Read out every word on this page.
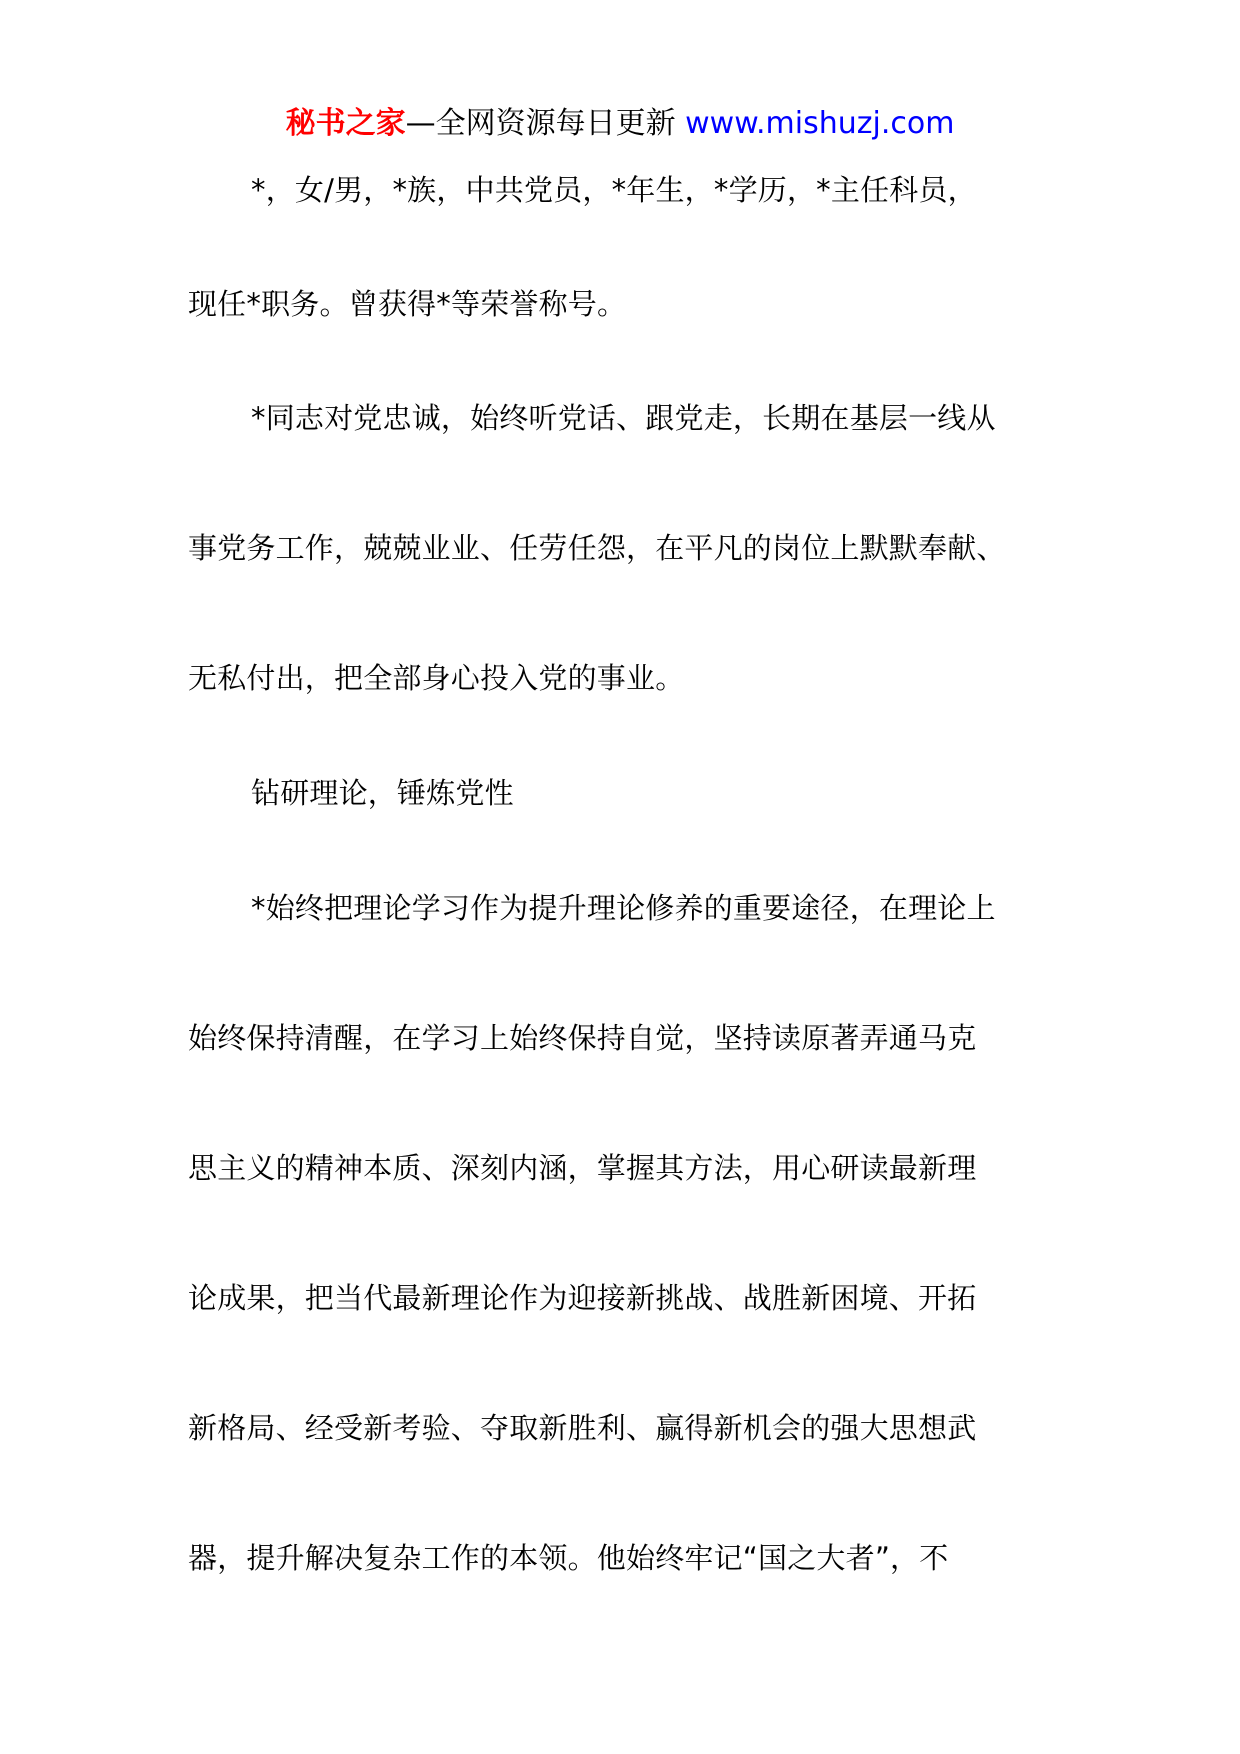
秘书之家—全网资源每日更新 www.mishuzj.com
*，女/男，*族，中共党员，*年生，*学历，*主任科员，
现任*职务。曾获得*等荣誉称号。
*同志对党忠诚，始终听党话、跟党走，长期在基层一线从
事党务工作，兢兢业业、任劳任怨，在平凡的岗位上默默奉献、
无私付出，把全部身心投入党的事业。
钻研理论，锤炼党性
*始终把理论学习作为提升理论修养的重要途径，在理论上
始终保持清醒，在学习上始终保持自觉，坚持读原著弄通马克
思主义的精神本质、深刻内涵，掌握其方法，用心研读最新理
论成果，把当代最新理论作为迎接新挑战、战胜新困境、开拓
新格局、经受新考验、夺取新胜利、赢得新机会的强大思想武
器，提升解决复杂工作的本领。他始终牢记“国之大者”，不
